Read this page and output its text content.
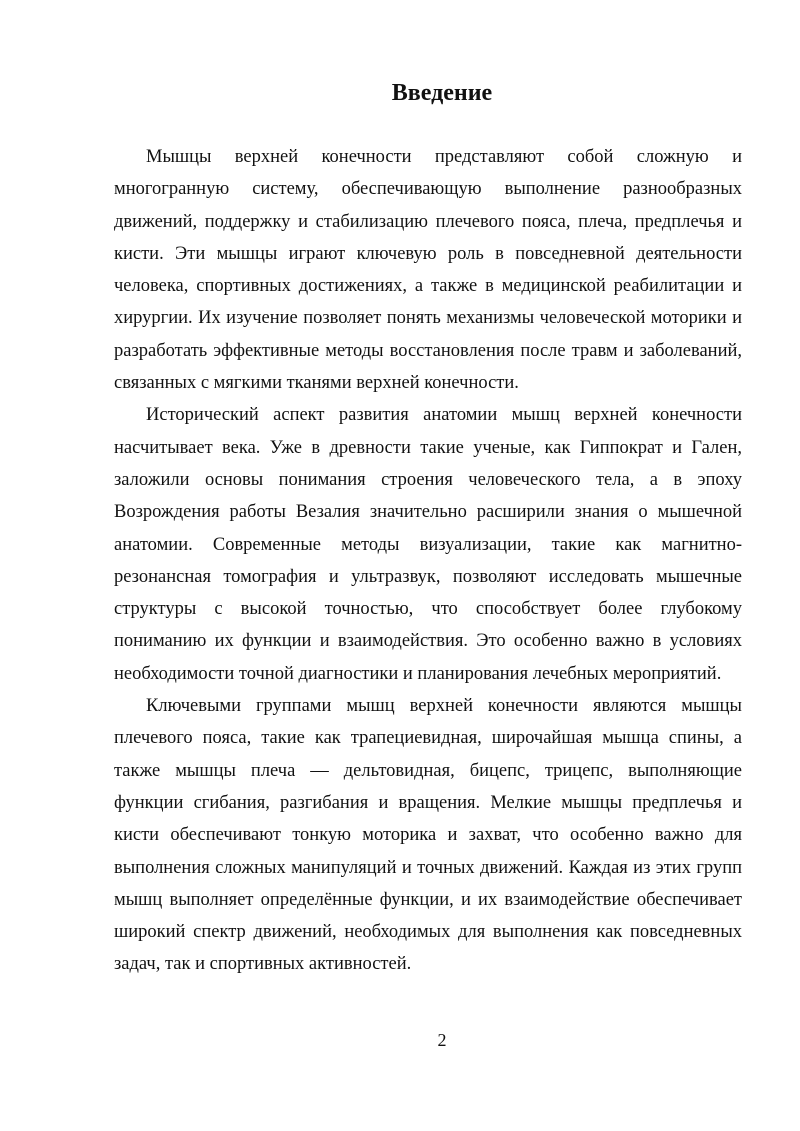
Введение

Мышцы верхней конечности представляют собой сложную и многогранную систему, обеспечивающую выполнение разнообразных движений, поддержку и стабилизацию плечевого пояса, плеча, предплечья и кисти. Эти мышцы играют ключевую роль в повседневной деятельности человека, спортивных достижениях, а также в медицинской реабилитации и хирургии. Их изучение позволяет понять механизмы человеческой моторики и разработать эффективные методы восстановления после травм и заболеваний, связанных с мягкими тканями верхней конечности.

Исторический аспект развития анатомии мышц верхней конечности насчитывает века. Уже в древности такие ученые, как Гиппократ и Гален, заложили основы понимания строения человеческого тела, а в эпоху Возрождения работы Везалия значительно расширили знания о мышечной анатомии. Современные методы визуализации, такие как магнитно-резонансная томография и ультразвук, позволяют исследовать мышечные структуры с высокой точностью, что способствует более глубокому пониманию их функции и взаимодействия. Это особенно важно в условиях необходимости точной диагностики и планирования лечебных мероприятий.

Ключевыми группами мышц верхней конечности являются мышцы плечевого пояса, такие как трапециевидная, широчайшая мышца спины, а также мышцы плеча — дельтовидная, бицепс, трицепс, выполняющие функции сгибания, разгибания и вращения. Мелкие мышцы предплечья и кисти обеспечивают тонкую моторика и захват, что особенно важно для выполнения сложных манипуляций и точных движений. Каждая из этих групп мышц выполняет определённые функции, и их взаимодействие обеспечивает широкий спектр движений, необходимых для выполнения как повседневных задач, так и спортивных активностей.

2
